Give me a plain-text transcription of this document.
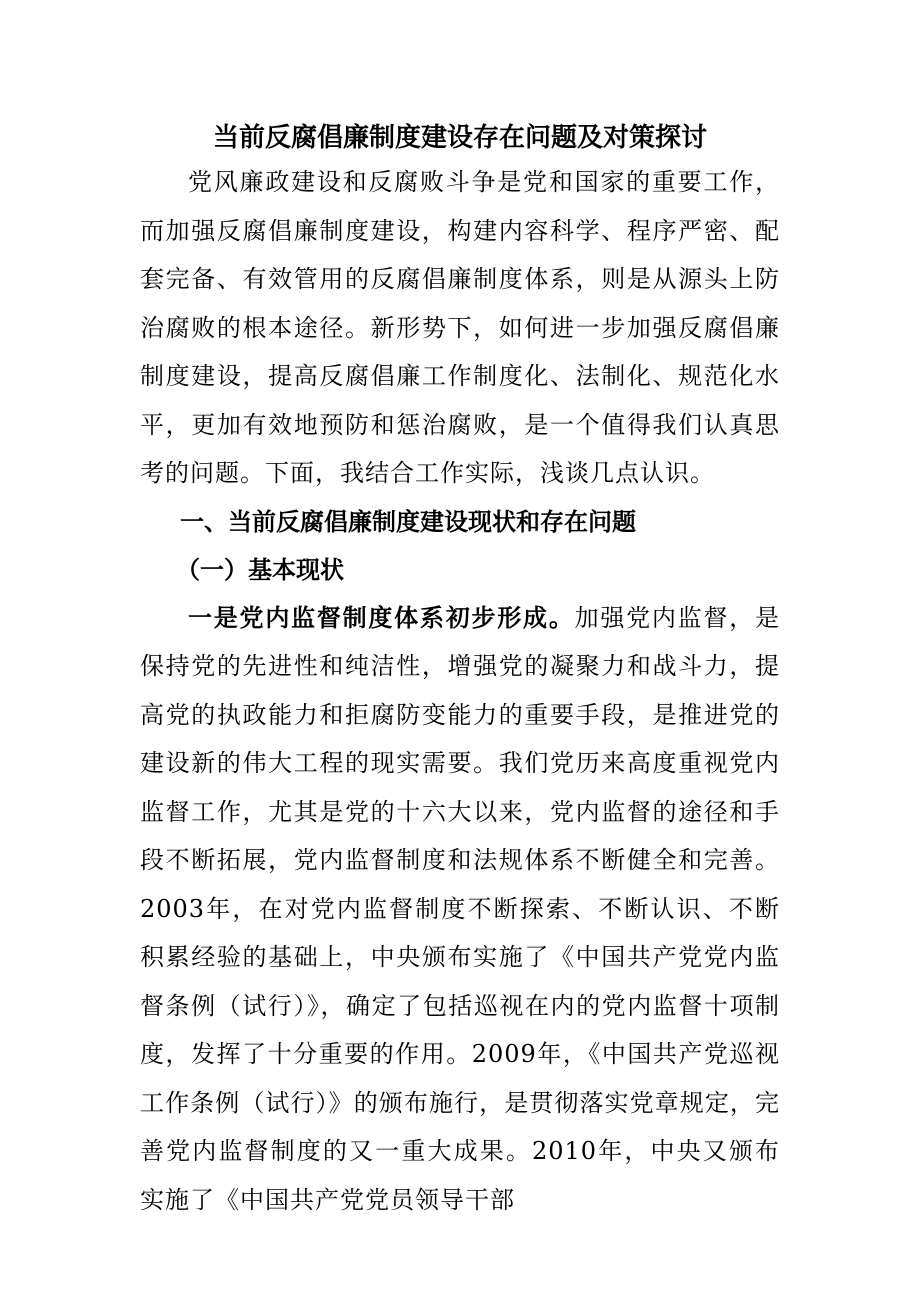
当前反腐倡廉制度建设存在问题及对策探讨

党风廉政建设和反腐败斗争是党和国家的重要工作，而加强反腐倡廉制度建设，构建内容科学、程序严密、配套完备、有效管用的反腐倡廉制度体系，则是从源头上防治腐败的根本途径。新形势下，如何进一步加强反腐倡廉制度建设，提高反腐倡廉工作制度化、法制化、规范化水平，更加有效地预防和惩治腐败，是一个值得我们认真思考的问题。下面，我结合工作实际，浅谈几点认识。

一、当前反腐倡廉制度建设现状和存在问题

（一）基本现状

一是党内监督制度体系初步形成。加强党内监督，是保持党的先进性和纯洁性，增强党的凝聚力和战斗力，提高党的执政能力和拒腐防变能力的重要手段，是推进党的建设新的伟大工程的现实需要。我们党历来高度重视党内监督工作，尤其是党的十六大以来，党内监督的途径和手段不断拓展，党内监督制度和法规体系不断健全和完善。2003年，在对党内监督制度不断探索、不断认识、不断积累经验的基础上，中央颁布实施了《中国共产党党内监督条例（试行）》，确定了包括巡视在内的党内监督十项制度，发挥了十分重要的作用。2009年，《中国共产党巡视工作条例（试行）》的颁布施行，是贯彻落实党章规定，完善党内监督制度的又一重大成果。2010年，中央又颁布实施了《中国共产党党员领导干部
